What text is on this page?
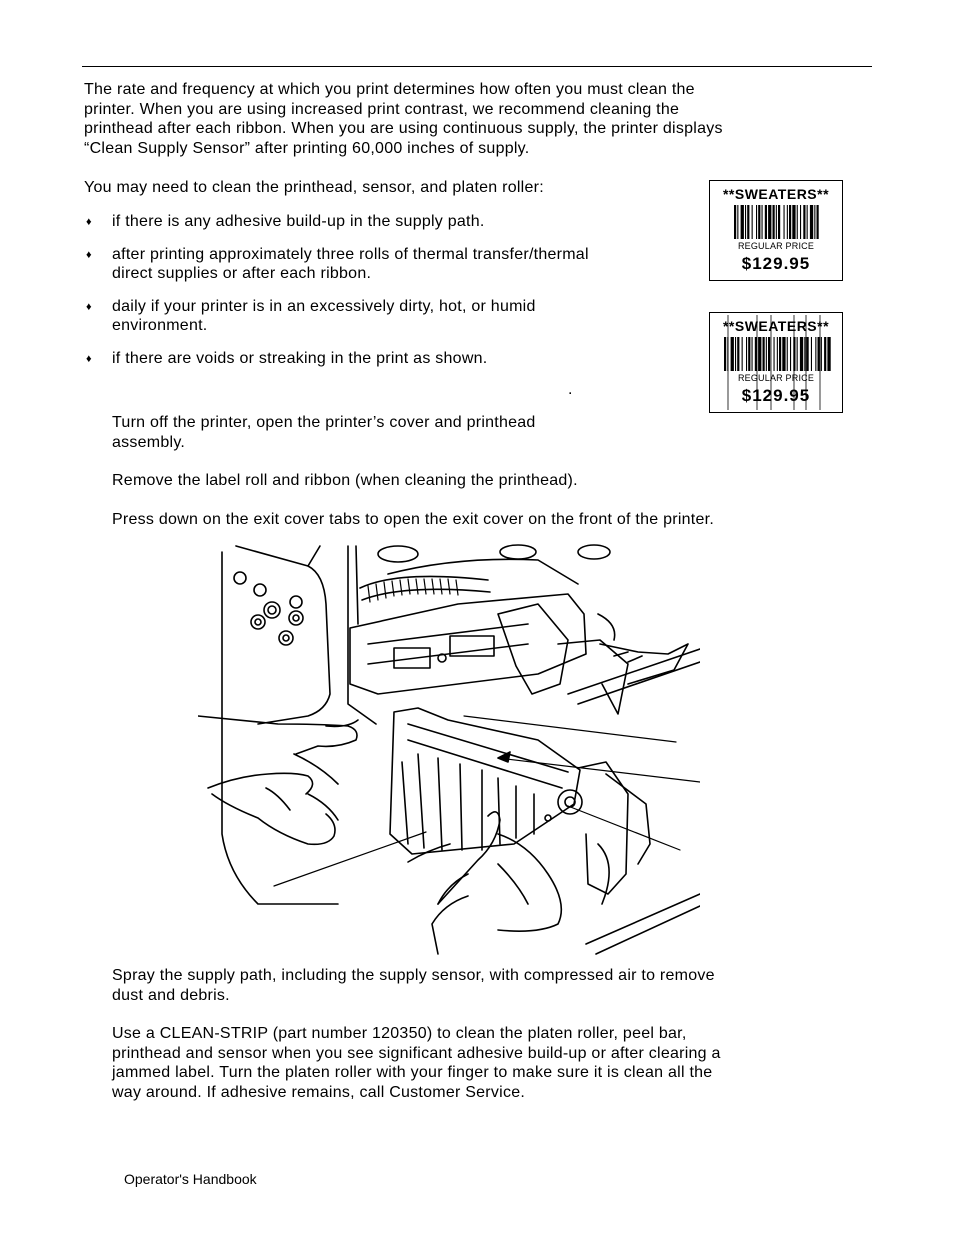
The rate and frequency at which you print determines how often you must clean the
printer. When you are using increased print contrast, we recommend cleaning the
printhead after each ribbon. When you are using continuous supply, the printer displays
“Clean Supply Sensor” after printing 60,000 inches of supply.
You may need to clean the printhead, sensor, and platen roller:
♦ if there is any adhesive build-up in the supply path.
♦ after printing approximately three rolls of thermal transfer/thermal
direct supplies or after each ribbon.
♦ daily if your printer is in an excessively dirty, hot, or humid
environment.
♦ if there are voids or streaking in the print as shown.
.
Turn off the printer, open the printer’s cover and printhead
assembly.
Remove the label roll and ribbon (when cleaning the printhead).
Press down on the exit cover tabs to open the exit cover on the front of the printer.
**SWEATERS**
REGULAR PRICE
$129.95
**SWEATERS**
REGULAR PRICE
$129.95
Spray the supply path, including the supply sensor, with compressed air to remove
dust and debris.
Use a CLEAN-STRIP (part number 120350) to clean the platen roller, peel bar,
printhead and sensor when you see significant adhesive build-up or after clearing a
jammed label. Turn the platen roller with your finger to make sure it is clean all the
way around. If adhesive remains, call Customer Service.
Operator's Handbook
